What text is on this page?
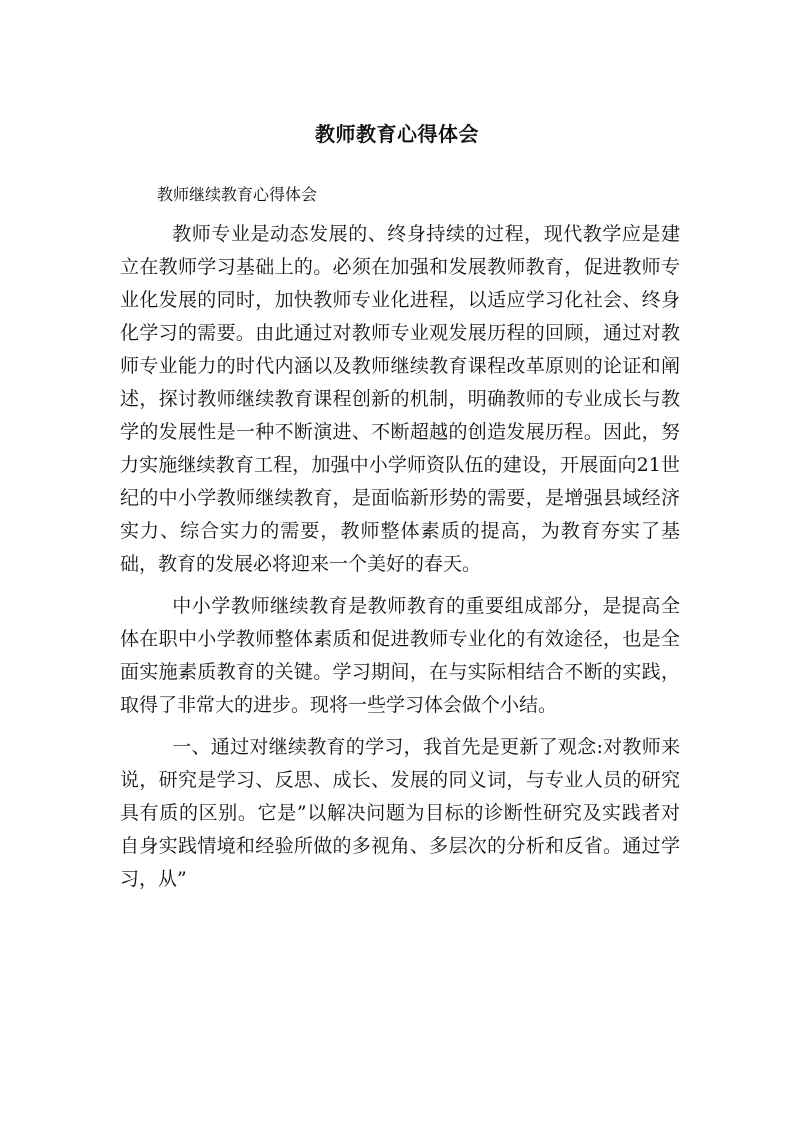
教师教育心得体会
教师继续教育心得体会

教师专业是动态发展的、终身持续的过程，现代教学应是建立在教师学习基础上的。必须在加强和发展教师教育，促进教师专业化发展的同时，加快教师专业化进程，以适应学习化社会、终身化学习的需要。由此通过对教师专业观发展历程的回顾，通过对教师专业能力的时代内涵以及教师继续教育课程改革原则的论证和阐述，探讨教师继续教育课程创新的机制，明确教师的专业成长与教学的发展性是一种不断演进、不断超越的创造发展历程。因此，努力实施继续教育工程，加强中小学师资队伍的建设，开展面向21世纪的中小学教师继续教育，是面临新形势的需要，是增强县域经济实力、综合实力的需要，教师整体素质的提高，为教育夯实了基础，教育的发展必将迎来一个美好的春天。

中小学教师继续教育是教师教育的重要组成部分，是提高全体在职中小学教师整体素质和促进教师专业化的有效途径，也是全面实施素质教育的关键。学习期间，在与实际相结合不断的实践，取得了非常大的进步。现将一些学习体会做个小结。

一、通过对继续教育的学习，我首先是更新了观念:对教师来说，研究是学习、反思、成长、发展的同义词，与专业人员的研究具有质的区别。它是”以解决问题为目标的诊断性研究及实践者对自身实践情境和经验所做的多视角、多层次的分析和反省。通过学习，从”
